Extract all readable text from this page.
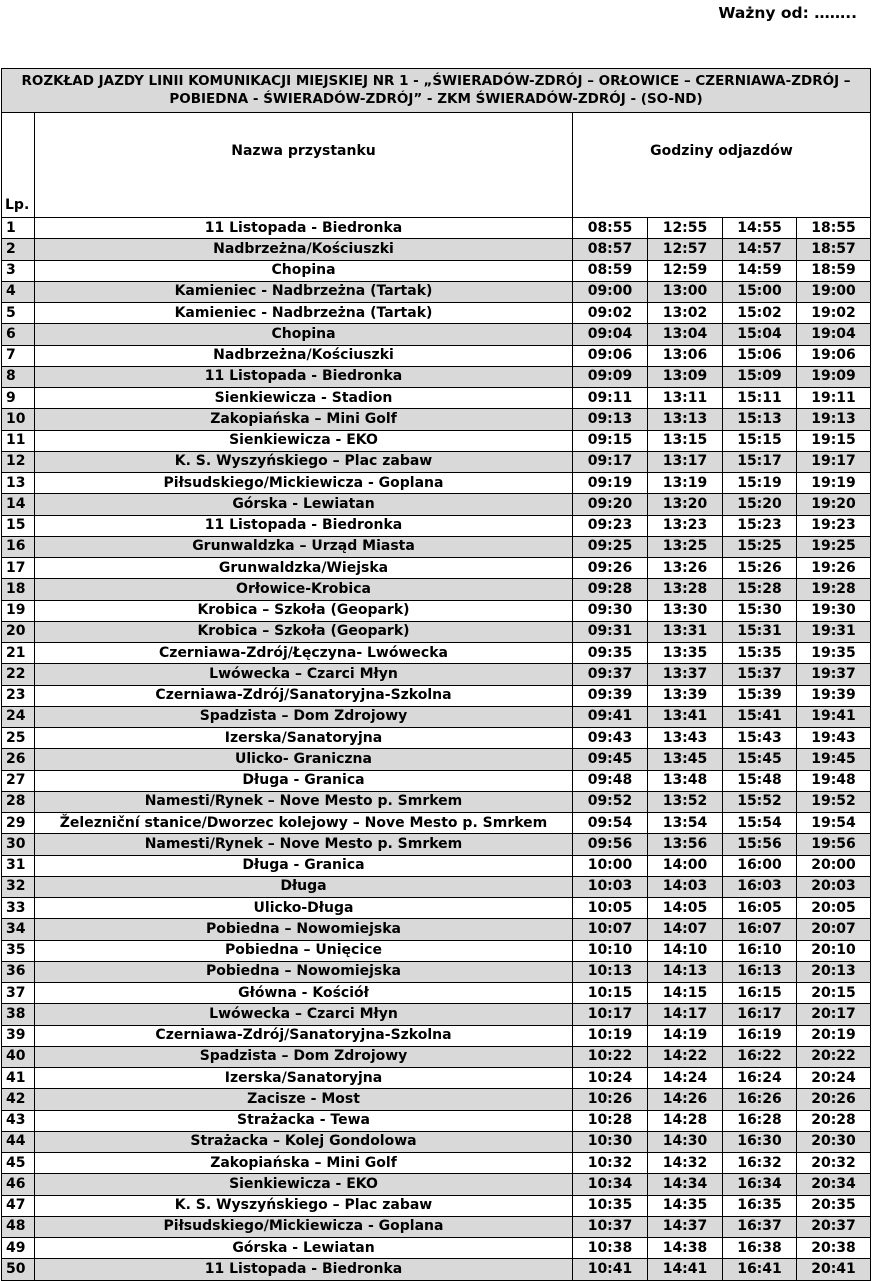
Ważny od: ……..
ROZKŁAD JAZDY LINII KOMUNIKACJI MIEJSKIEJ NR 1 - „ŚWIERADÓW-ZDRÓJ – ORŁOWICE – CZERNIAWA-ZDRÓJ – POBIEDNA - ŚWIERADÓW-ZDRÓJ” - ZKM ŚWIERADÓW-ZDRÓJ - (SO-ND)					
Lp.	Nazwa przystanku	Godziny odjazdów			
1	11 Listopada - Biedronka	08:55	12:55	14:55	18:55
2	Nadbrzeżna/Kościuszki	08:57	12:57	14:57	18:57
3	Chopina	08:59	12:59	14:59	18:59
4	Kamieniec - Nadbrzeżna (Tartak)	09:00	13:00	15:00	19:00
5	Kamieniec - Nadbrzeżna (Tartak)	09:02	13:02	15:02	19:02
6	Chopina	09:04	13:04	15:04	19:04
7	Nadbrzeżna/Kościuszki	09:06	13:06	15:06	19:06
8	11 Listopada - Biedronka	09:09	13:09	15:09	19:09
9	Sienkiewicza - Stadion	09:11	13:11	15:11	19:11
10	Zakopiańska – Mini Golf	09:13	13:13	15:13	19:13
11	Sienkiewicza - EKO	09:15	13:15	15:15	19:15
12	K. S. Wyszyńskiego – Plac zabaw	09:17	13:17	15:17	19:17
13	Piłsudskiego/Mickiewicza - Goplana	09:19	13:19	15:19	19:19
14	Górska - Lewiatan	09:20	13:20	15:20	19:20
15	11 Listopada - Biedronka	09:23	13:23	15:23	19:23
16	Grunwaldzka – Urząd Miasta	09:25	13:25	15:25	19:25
17	Grunwaldzka/Wiejska	09:26	13:26	15:26	19:26
18	Orłowice-Krobica	09:28	13:28	15:28	19:28
19	Krobica – Szkoła (Geopark)	09:30	13:30	15:30	19:30
20	Krobica – Szkoła (Geopark)	09:31	13:31	15:31	19:31
21	Czerniawa-Zdrój/Łęczyna- Lwówecka	09:35	13:35	15:35	19:35
22	Lwówecka – Czarci Młyn	09:37	13:37	15:37	19:37
23	Czerniawa-Zdrój/Sanatoryjna-Szkolna	09:39	13:39	15:39	19:39
24	Spadzista – Dom Zdrojowy	09:41	13:41	15:41	19:41
25	Izerska/Sanatoryjna	09:43	13:43	15:43	19:43
26	Ulicko- Graniczna	09:45	13:45	15:45	19:45
27	Długa - Granica	09:48	13:48	15:48	19:48
28	Namesti/Rynek – Nove Mesto p. Smrkem	09:52	13:52	15:52	19:52
29	Železniční stanice/Dworzec kolejowy – Nove Mesto p. Smrkem	09:54	13:54	15:54	19:54
30	Namesti/Rynek – Nove Mesto p. Smrkem	09:56	13:56	15:56	19:56
31	Długa - Granica	10:00	14:00	16:00	20:00
32	Długa	10:03	14:03	16:03	20:03
33	Ulicko-Długa	10:05	14:05	16:05	20:05
34	Pobiedna – Nowomiejska	10:07	14:07	16:07	20:07
35	Pobiedna – Unięcice	10:10	14:10	16:10	20:10
36	Pobiedna – Nowomiejska	10:13	14:13	16:13	20:13
37	Główna - Kościół	10:15	14:15	16:15	20:15
38	Lwówecka – Czarci Młyn	10:17	14:17	16:17	20:17
39	Czerniawa-Zdrój/Sanatoryjna-Szkolna	10:19	14:19	16:19	20:19
40	Spadzista – Dom Zdrojowy	10:22	14:22	16:22	20:22
41	Izerska/Sanatoryjna	10:24	14:24	16:24	20:24
42	Zacisze - Most	10:26	14:26	16:26	20:26
43	Strażacka - Tewa	10:28	14:28	16:28	20:28
44	Strażacka – Kolej Gondolowa	10:30	14:30	16:30	20:30
45	Zakopiańska – Mini Golf	10:32	14:32	16:32	20:32
46	Sienkiewicza - EKO	10:34	14:34	16:34	20:34
47	K. S. Wyszyńskiego – Plac zabaw	10:35	14:35	16:35	20:35
48	Piłsudskiego/Mickiewicza - Goplana	10:37	14:37	16:37	20:37
49	Górska - Lewiatan	10:38	14:38	16:38	20:38
50	11 Listopada - Biedronka	10:41	14:41	16:41	20:41
